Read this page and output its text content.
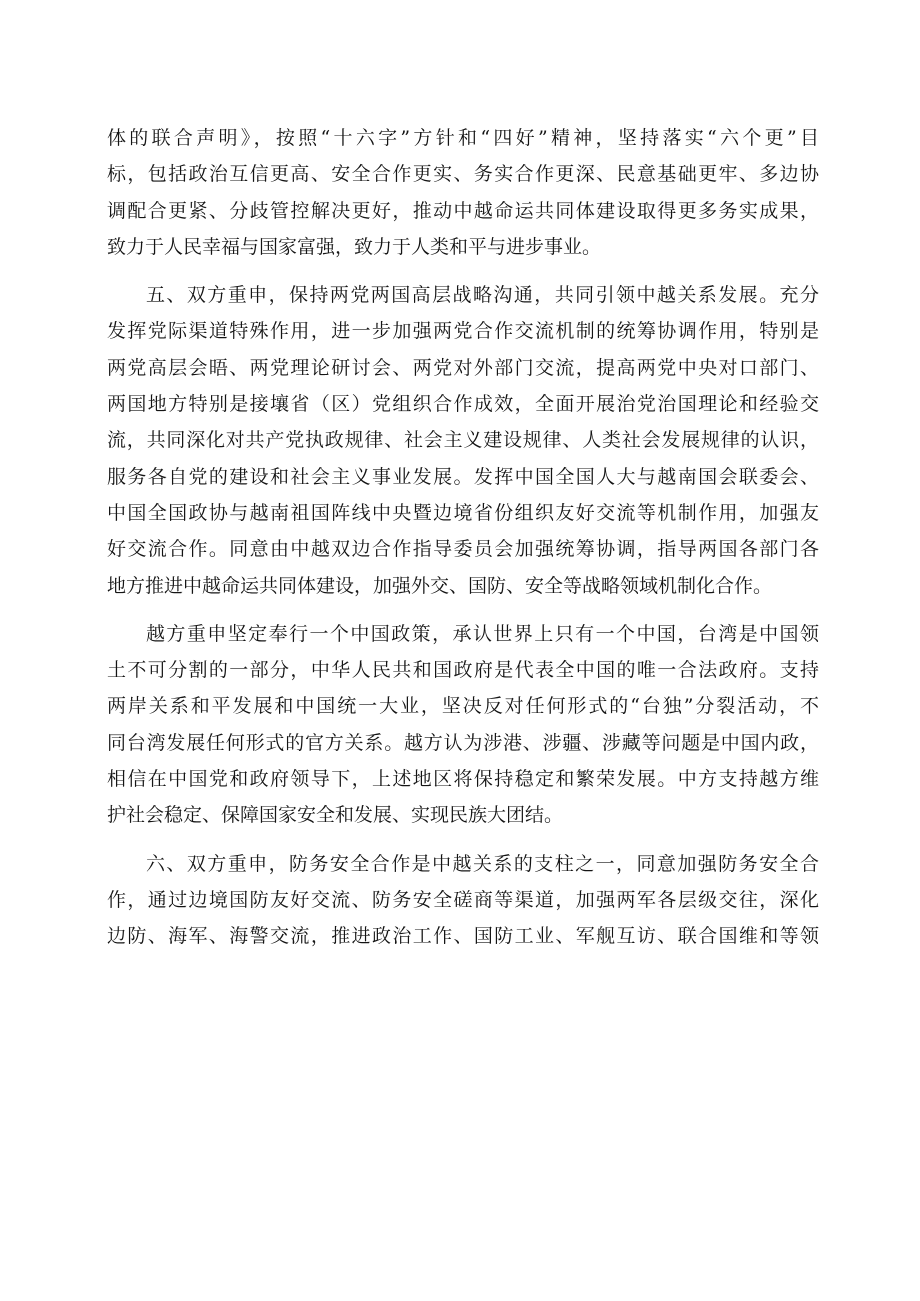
体的联合声明》，按照“十六字”方针和“四好”精神，坚持落实“六个更”目
标，包括政治互信更高、安全合作更实、务实合作更深、民意基础更牢、多边协
调配合更紧、分歧管控解决更好，推动中越命运共同体建设取得更多务实成果，
致力于人民幸福与国家富强，致力于人类和平与进步事业。
五、双方重申，保持两党两国高层战略沟通，共同引领中越关系发展。充分
发挥党际渠道特殊作用，进一步加强两党合作交流机制的统筹协调作用，特别是
两党高层会晤、两党理论研讨会、两党对外部门交流，提高两党中央对口部门、
两国地方特别是接壤省（区）党组织合作成效，全面开展治党治国理论和经验交
流，共同深化对共产党执政规律、社会主义建设规律、人类社会发展规律的认识，
服务各自党的建设和社会主义事业发展。发挥中国全国人大与越南国会联委会、
中国全国政协与越南祖国阵线中央暨边境省份组织友好交流等机制作用，加强友
好交流合作。同意由中越双边合作指导委员会加强统筹协调，指导两国各部门各
地方推进中越命运共同体建设，加强外交、国防、安全等战略领域机制化合作。
越方重申坚定奉行一个中国政策，承认世界上只有一个中国，台湾是中国领
土不可分割的一部分，中华人民共和国政府是代表全中国的唯一合法政府。支持
两岸关系和平发展和中国统一大业，坚决反对任何形式的“台独”分裂活动，不
同台湾发展任何形式的官方关系。越方认为涉港、涉疆、涉藏等问题是中国内政，
相信在中国党和政府领导下，上述地区将保持稳定和繁荣发展。中方支持越方维
护社会稳定、保障国家安全和发展、实现民族大团结。
六、双方重申，防务安全合作是中越关系的支柱之一，同意加强防务安全合
作，通过边境国防友好交流、防务安全磋商等渠道，加强两军各层级交往，深化
边防、海军、海警交流，推进政治工作、国防工业、军舰互访、联合国维和等领
